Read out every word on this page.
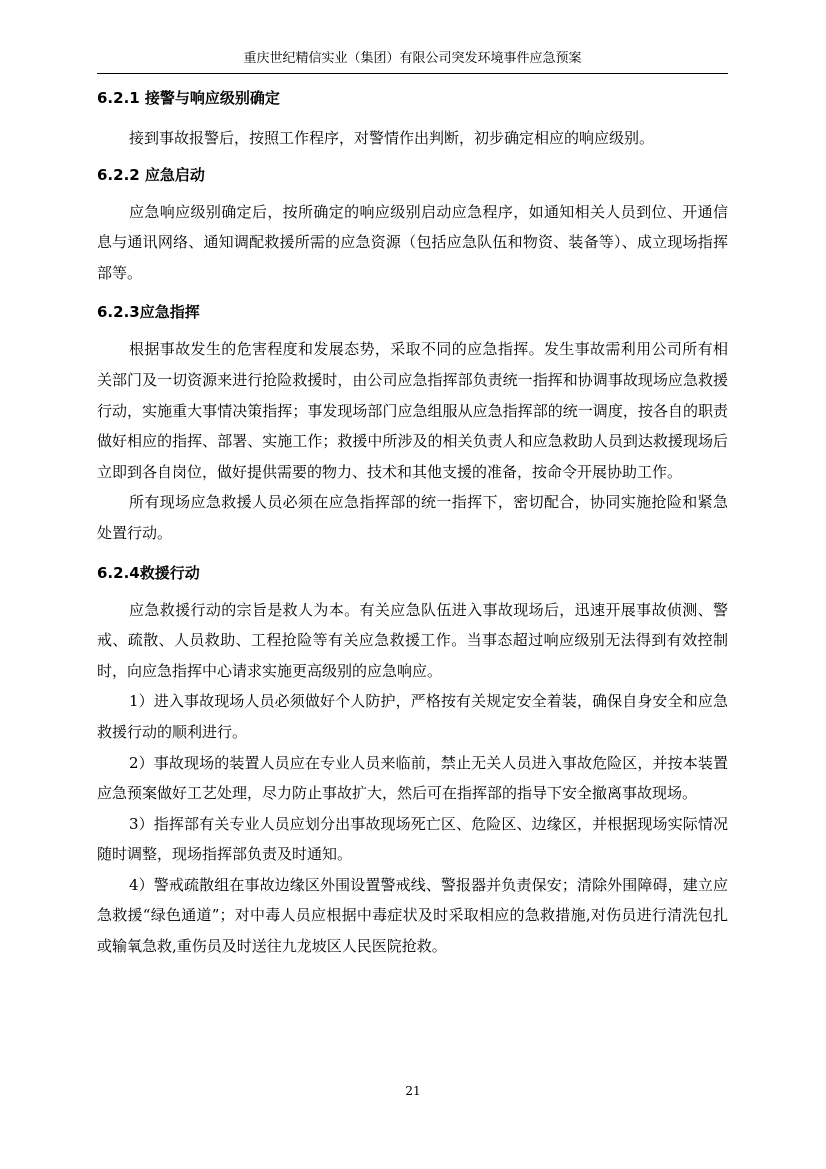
重庆世纪精信实业（集团）有限公司突发环境事件应急预案
6.2.1 接警与响应级别确定

接到事故报警后，按照工作程序，对警情作出判断，初步确定相应的响应级别。

6.2.2 应急启动

应急响应级别确定后，按所确定的响应级别启动应急程序，如通知相关人员到位、开通信息与通讯网络、通知调配救援所需的应急资源（包括应急队伍和物资、装备等）、成立现场指挥部等。

6.2.3应急指挥

根据事故发生的危害程度和发展态势，采取不同的应急指挥。发生事故需利用公司所有相关部门及一切资源来进行抢险救援时，由公司应急指挥部负责统一指挥和协调事故现场应急救援行动，实施重大事情决策指挥；事发现场部门应急组服从应急指挥部的统一调度，按各自的职责做好相应的指挥、部署、实施工作；救援中所涉及的相关负责人和应急救助人员到达救援现场后立即到各自岗位，做好提供需要的物力、技术和其他支援的准备，按命令开展协助工作。

所有现场应急救援人员必须在应急指挥部的统一指挥下，密切配合，协同实施抢险和紧急处置行动。

6.2.4救援行动

应急救援行动的宗旨是救人为本。有关应急队伍进入事故现场后，迅速开展事故侦测、警戒、疏散、人员救助、工程抢险等有关应急救援工作。当事态超过响应级别无法得到有效控制时，向应急指挥中心请求实施更高级别的应急响应。

1）进入事故现场人员必须做好个人防护，严格按有关规定安全着装，确保自身安全和应急救援行动的顺利进行。

2）事故现场的装置人员应在专业人员来临前，禁止无关人员进入事故危险区，并按本装置应急预案做好工艺处理，尽力防止事故扩大，然后可在指挥部的指导下安全撤离事故现场。

3）指挥部有关专业人员应划分出事故现场死亡区、危险区、边缘区，并根据现场实际情况随时调整，现场指挥部负责及时通知。

4）警戒疏散组在事故边缘区外围设置警戒线、警报器并负责保安；清除外围障碍，建立应急救援“绿色通道”；对中毒人员应根据中毒症状及时采取相应的急救措施,对伤员进行清洗包扎或输氧急救,重伤员及时送往九龙坡区人民医院抢救。

21
